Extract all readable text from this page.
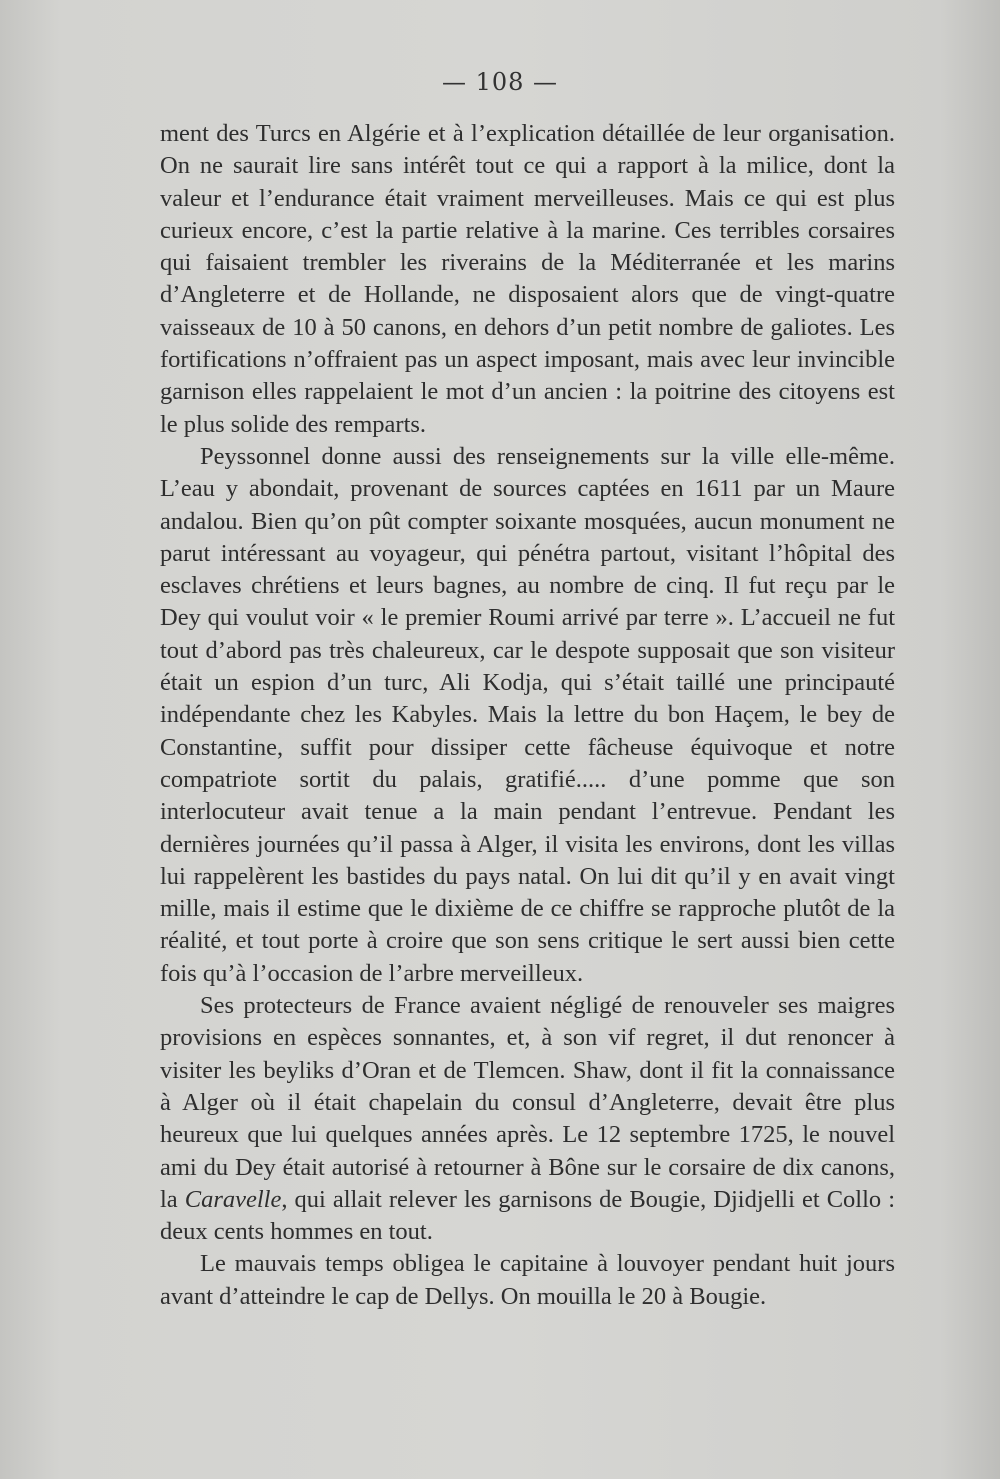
— 108 —

ment des Turcs en Algérie et à l’explication détaillée de leur organisation. On ne saurait lire sans intérêt tout ce qui a rapport à la milice, dont la valeur et l’endurance était vraiment merveilleuses. Mais ce qui est plus curieux encore, c’est la partie relative à la marine. Ces terribles corsaires qui faisaient trembler les riverains de la Méditerranée et les marins d’Angleterre et de Hollande, ne disposaient alors que de vingt-quatre vaisseaux de 10 à 50 canons, en dehors d’un petit nombre de galiotes. Les fortifications n’offraient pas un aspect imposant, mais avec leur invincible garnison elles rappelaient le mot d’un ancien : la poitrine des citoyens est le plus solide des remparts.

Peyssonnel donne aussi des renseignements sur la ville elle-même. L’eau y abondait, provenant de sources captées en 1611 par un Maure andalou. Bien qu’on pût compter soixante mosquées, aucun monument ne parut intéressant au voyageur, qui pénétra partout, visitant l’hôpital des esclaves chrétiens et leurs bagnes, au nombre de cinq. Il fut reçu par le Dey qui voulut voir « le premier Roumi arrivé par terre ». L’accueil ne fut tout d’abord pas très chaleureux, car le despote supposait que son visiteur était un espion d’un turc, Ali Kodja, qui s’était taillé une principauté indépendante chez les Kabyles. Mais la lettre du bon Haçem, le bey de Constantine, suffit pour dissiper cette fâcheuse équivoque et notre compatriote sortit du palais, gratifié..... d’une pomme que son interlocuteur avait tenue a la main pendant l’entrevue. Pendant les dernières journées qu’il passa à Alger, il visita les environs, dont les villas lui rappelèrent les bastides du pays natal. On lui dit qu’il y en avait vingt mille, mais il estime que le dixième de ce chiffre se rapproche plutôt de la réalité, et tout porte à croire que son sens critique le sert aussi bien cette fois qu’à l’occasion de l’arbre merveilleux.

Ses protecteurs de France avaient négligé de renouveler ses maigres provisions en espèces sonnantes, et, à son vif regret, il dut renoncer à visiter les beyliks d’Oran et de Tlemcen. Shaw, dont il fit la connaissance à Alger où il était chapelain du consul d’Angleterre, devait être plus heureux que lui quelques années après. Le 12 septembre 1725, le nouvel ami du Dey était autorisé à retourner à Bône sur le corsaire de dix canons, la Caravelle, qui allait relever les garnisons de Bougie, Djidjelli et Collo : deux cents hommes en tout.

Le mauvais temps obligea le capitaine à louvoyer pendant huit jours avant d’atteindre le cap de Dellys. On mouilla le 20 à Bougie.
